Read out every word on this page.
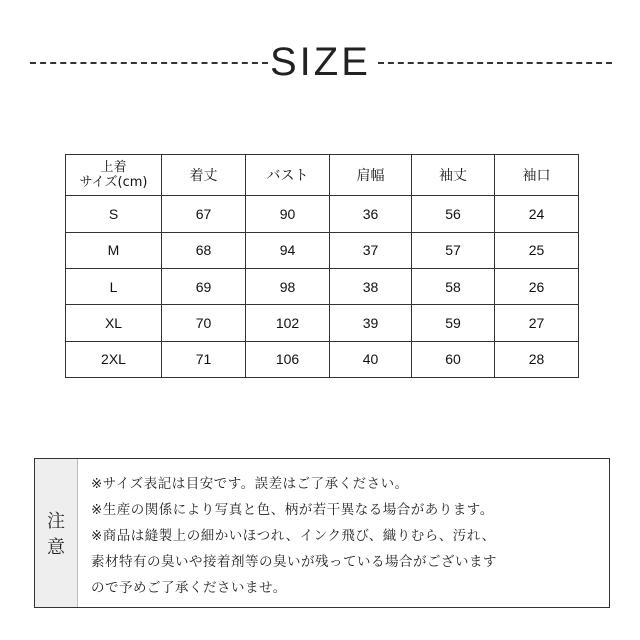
SIZE
上着
サイズ(cm)	着丈	バスト	肩幅	袖丈	袖口
S	67	90	36	56	24
M	68	94	37	57	25
L	69	98	38	58	26
XL	70	102	39	59	27
2XL	71	106	40	60	28
注
意
※サイズ表記は目安です。誤差はご了承ください。
※生産の関係により写真と色、柄が若干異なる場合があります。
※商品は縫製上の細かいほつれ、インク飛び、織りむら、汚れ、
素材特有の臭いや接着剤等の臭いが残っている場合がございます
ので予めご了承くださいませ。
